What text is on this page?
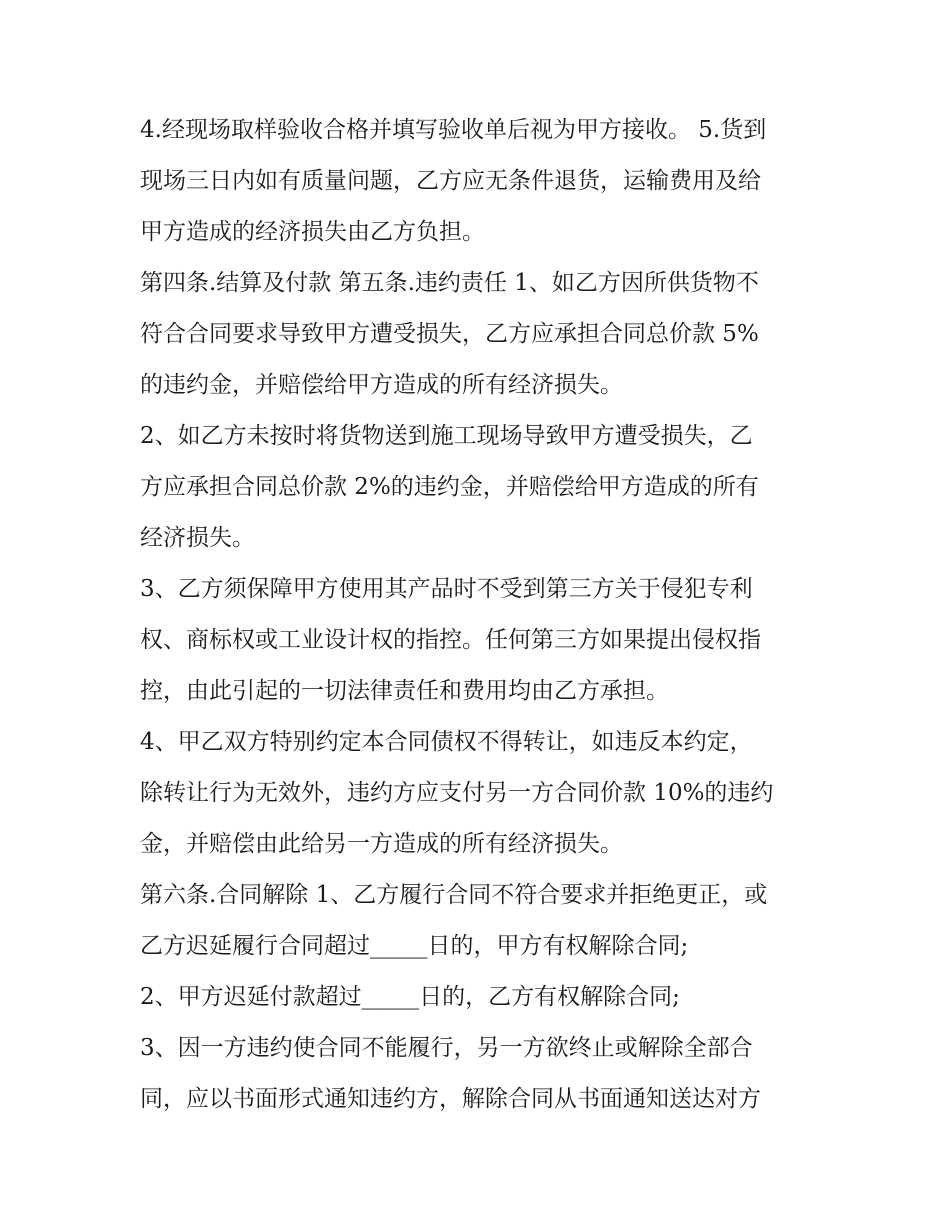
4.经现场取样验收合格并填写验收单后视为甲方接收。 5.货到
现场三日内如有质量问题，乙方应无条件退货，运输费用及给
甲方造成的经济损失由乙方负担。
第四条.结算及付款 第五条.违约责任 1、如乙方因所供货物不
符合合同要求导致甲方遭受损失，乙方应承担合同总价款 5%
的违约金，并赔偿给甲方造成的所有经济损失。
2、如乙方未按时将货物送到施工现场导致甲方遭受损失，乙
方应承担合同总价款 2%的违约金，并赔偿给甲方造成的所有
经济损失。
3、乙方须保障甲方使用其产品时不受到第三方关于侵犯专利
权、商标权或工业设计权的指控。任何第三方如果提出侵权指
控，由此引起的一切法律责任和费用均由乙方承担。
4、甲乙双方特别约定本合同债权不得转让，如违反本约定，
除转让行为无效外，违约方应支付另一方合同价款 10%的违约
金，并赔偿由此给另一方造成的所有经济损失。
第六条.合同解除 1、乙方履行合同不符合要求并拒绝更正，或
乙方迟延履行合同超过_____日的，甲方有权解除合同;
2、甲方迟延付款超过_____日的，乙方有权解除合同;
3、因一方违约使合同不能履行，另一方欲终止或解除全部合
同，应以书面形式通知违约方，解除合同从书面通知送达对方
